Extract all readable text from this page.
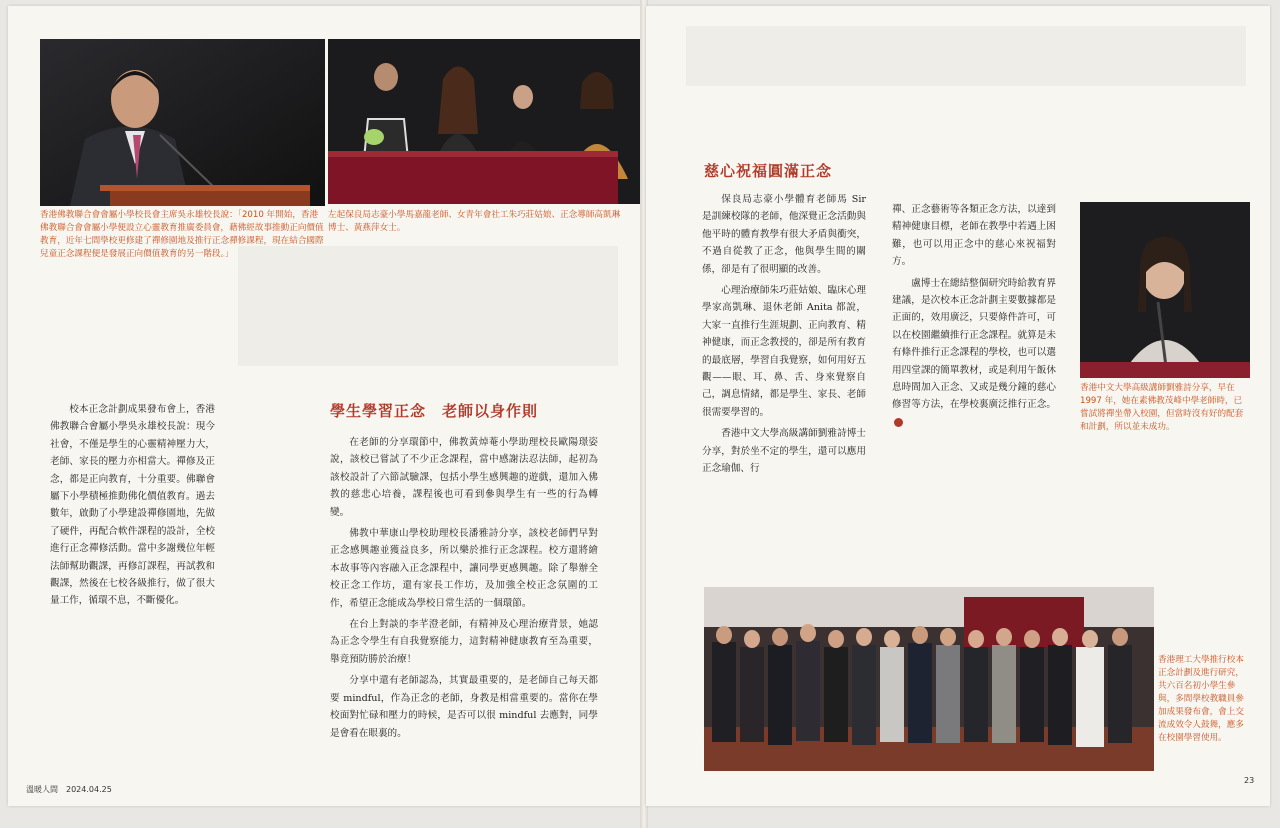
香港佛教聯合會會屬小學校長會主席吳永雄校長說：「2010 年開始，香港佛教聯合會會屬小學便設立心靈教育推廣委員會，藉佛經故事推動正向價值教育，近年七間學校更修建了禪修園地及推行正念禪修課程，現在結合國際兒童正念課程便是發展正向價值教育的另一階段。」
左起保良局志豪小學馬嘉龍老師、女青年會社工朱巧莊姑娘、正念導師高凱琳博士、黃燕萍女士。

校本正念計劃成果發布會上，香港佛教聯合會屬小學吳永雄校長說：現今社會，不僅是學生的心靈精神壓力大，老師、家長的壓力亦相當大。禪修及正念，都是正向教育，十分重要。佛聯會屬下小學積極推動佛化價值教育。過去數年，啟動了小學建設禪修園地，先做了硬件，再配合軟件課程的設計，全校進行正念禪修活動。當中多謝幾位年輕法師幫助觀課，再修訂課程，再試教和觀課，然後在七校各級推行，做了很大量工作，循環不息，不斷優化。

學生學習正念　老師以身作則

在老師的分享環節中，佛教黃焯菴小學助理校長歐陽璟姿說，該校已嘗試了不少正念課程，當中感謝法忍法師，起初為該校設計了六節試驗課，包括小學生感興趣的遊戲，還加入佛教的慈悲心培養，課程後也可看到參與學生有一些的行為轉變。

佛教中華康山學校助理校長潘雅詩分享，該校老師們早對正念感興趣並獲益良多，所以樂於推行正念課程。校方還將繪本故事等內容融入正念課程中，讓同學更感興趣。除了舉辦全校正念工作坊，還有家長工作坊，及加強全校正念氛圍的工作，希望正念能成為學校日常生活的一個環節。

在台上對談的李芊澄老師，有精神及心理治療背景，她認為正念令學生有自我覺察能力，這對精神健康教育至為重要，舉竟預防勝於治療！

分享中還有老師認為，其實最重要的，是老師自己每天都要 mindful，作為正念的老師，身教是相當重要的。當你在學校面對忙碌和壓力的時候，是否可以很 mindful 去應對，同學是會看在眼裏的。

溫暖人間　2024.04.25
慈心祝福圓滿正念

保良局志豪小學體育老師馬 Sir 是訓練校隊的老師，他深覺正念活動與他平時的體育教學有很大矛盾與衝突，不過自從教了正念，他與學生間的關係，卻是有了很明顯的改善。

心理治療師朱巧莊姑娘、臨床心理學家高凱琳、退休老師 Anita 都說，大家一直推行生涯規劃、正向教育、精神健康，而正念教授的，卻是所有教育的最底層，學習自我覺察，如何用好五觀——眼、耳、鼻、舌、身來覺察自己，調息情緒，都是學生、家長、老師很需要學習的。

香港中文大學高級講師劉雅詩博士分享，對於坐不定的學生，還可以應用正念瑜伽、行

禪、正念藝術等各類正念方法，以達到精神健康目標，老師在教學中若遇上困難，也可以用正念中的慈心來祝福對方。

盧博士在總結整個研究時給教育界建議，是次校本正念計劃主要數據都是正面的，效用廣泛，只要條件許可，可以在校園繼續推行正念課程。就算是未有條件推行正念課程的學校，也可以選用四堂課的簡單教材，或是利用午飯休息時間加入正念、又或是幾分鐘的慈心修習等方法，在學校裏廣泛推行正念。

香港中文大學高級講師劉雅詩分享，早在 1997 年，她在素佛教茂峰中學老師時，已嘗試將禪坐帶入校園，但當時沒有好的配套和計劃，所以並未成功。
香港理工大學推行校本正念計劃及進行研究，共六百名初小學生參與，多間學校教職員參加成果發布會，會上交流成效令人鼓舞，應多在校園學習使用。
23
